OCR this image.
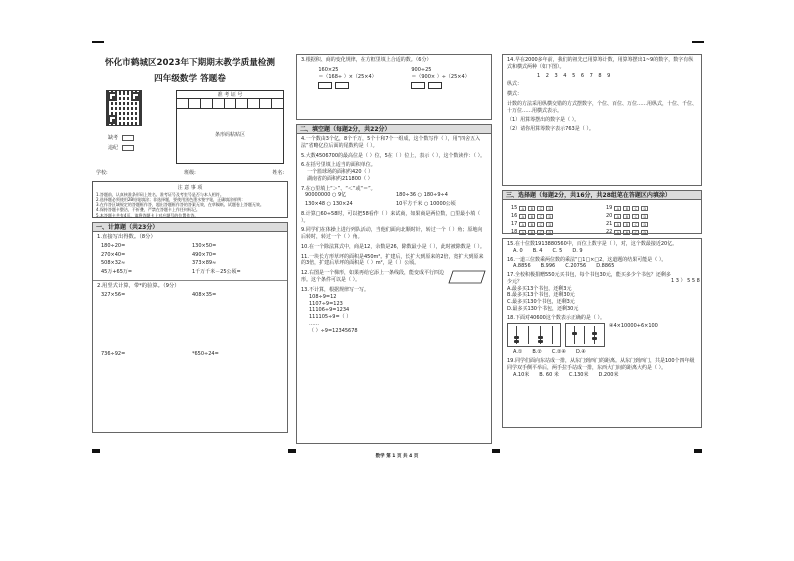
怀化市鹤城区2023年下期期末教学质量检测
四年级数学 答题卷
缺考
违纪
准 考 证 号
条形码粘贴区
学校:	班级:	姓名:
注 意 事 项
1.答题前，认真核准条形码上姓名、准考证号及考室号是否与本人相符。
2.选择题必须使用2B铅笔填涂；非选择题，要使用黑色墨水签字笔，正确填涂样例：
3.在作答区域规定的答题框作答，超出答题框作答的答案无效，在草稿纸、试题卷上答题无效。
4.保持答题卡整洁，不折叠，严禁在答题卡上作任何标记。
5.本答题卡共有4页，请将答题卡上对应题号的位置作答。
一、计算题（共23分）
1.直接写出得数。（8分）
180÷20=	130×50=
270×40=	490×70=
508×32≈	373×89≈
45万+65万=	1千万千米－25公顷=
2.用竖式计算，带*的验算。（9分）
327×56=	408×35=
736÷92=	*650÷24=
3.根据积、商的变化规律，在方框里填上合适的数。（6分）
160×25
＝（168÷ ）×（25×4）
900÷25
＝（900× ）÷（25×4）
二、填空题（每题2分，共22分）
4.一个数由3个亿，8个千万，5个十和7个一组成，这个数写作（ ），用“四舍五入法”省略亿位后面的尾数约是（ ）。
5.大数4506700的最高位是（ ）位，5在（ ）位上，表示（ ），这个数读作：（ ）。
6.在括号里填上适当的面积单位。
一个篮球场的面积约420（ ）
湖南省的面积约211800（ ）
7.在○里填上“＞”、“＜”或“＝”。
90000000 ○ 9亿	180÷36 ○ 180÷9÷4
130×48 ○ 130×24	10平方千米 ○ 10000公顷
8.计算□60÷58时，可以把58看作（ ）来试商，如果商是两位数，□里最小填（ ）。
9.同学们在体操上进行列队活动，当他们面向北顺时针，转过一个（ ）角；原地向后转时，转过一个（ ）角。
10.在一个除法算式中，商是12，余数是26，除数最小是（ ），此时被除数是（ ）。
11.一块长方形草坪的面积是450m²。扩建后，长扩大到原来的2倍，宽扩大到原来的3倍，扩建后草坪的面积是（ ）m²，是（ ）公顷。
12.右图是一个梯形，如果再给它添上一条线段，能变成平行四边形。这个条件可以是（ ）。
13.不计算，根据规律写一写。
108÷9=12
1107÷9=123
11106÷9=1234
111105÷9=（ ）
……
（ ）÷9=12345678
14.早在2000多年前，我们的祖先已用算筹计数，用算筹摆出1~9的数字，数字有纵式和横式两种（如下图）。
1 2 3 4 5 6 7 8 9
纵式：
横式：
计数的方法采用纵横交错的方式摆数字，个位、百位、万位……用纵式，十位、千位、十万位……用横式表示。
（1）用算筹摆出的数字是（ ）。
（2）请你用算筹数字表示763是（ ）。
三、选择题（每题2分，共16分，共28组笔在答题区内填涂）
15	A	B	C	D	19	A	B	C	D
16	A	B	C	D	20	A	B	C	D
17	A	B	C	D	21	A	B	C	D
18	A	B	C	D	22	A	B	C	D
15.在十位数1913880560中，百位上数字是（ ），对，这个数最接近20亿。
A. 0 B. 4 C. 5 D. 9
16.一道三位数乘两位数的乘法“□1□×□2，这道题的结果可能是（ ）。
A.8856 B.996 C.20756 D.8865
17.全校积极捐赠550元买书包，每个书包30元，能买多少个书包？还剩多少元？
A.最多买13个书包，还剩3元
B.最多买13个书包，还剩30元
C.最多买130个书包，还剩3元
D.最多买130个书包，还剩30元
1 3 ） 5 5 8
18.下面对40600这个数表示正确的是（ ）。
④4×10000+6×100
A.① B.② C.②④ D.④
19.同学们面向东站成一排，从东门到西门的距离。从东门到西门，共是100个四年级同学双手侧平举后，两手拉手站成一排，东西大门间的距离大约是（ ）。
A.10米 B. 60 米 C.130米 D.200米
数学 第 1 页 共 4 页
